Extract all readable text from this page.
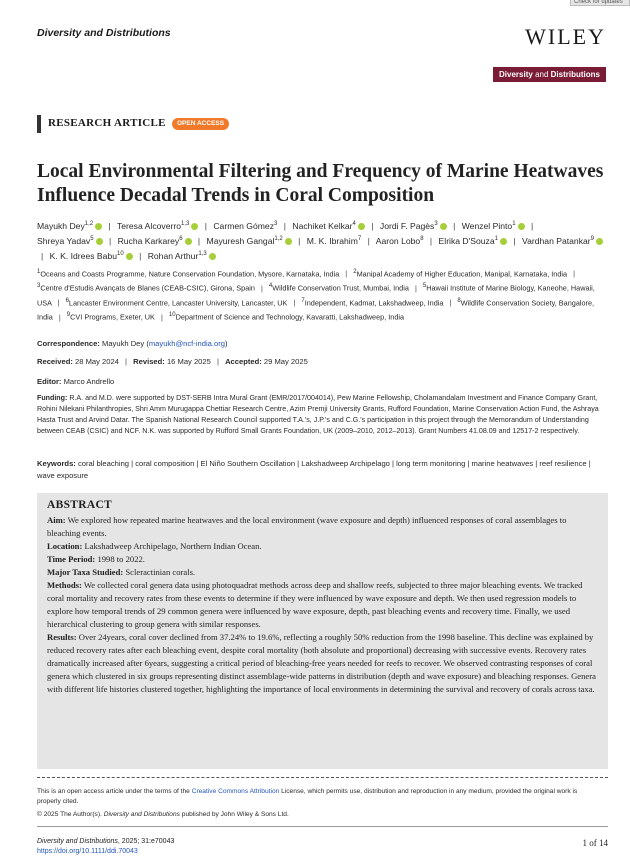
Check for updates
Diversity and Distributions	WILEY
Diversity and Distributions
RESEARCH ARTICLE	OPEN ACCESS
Local Environmental Filtering and Frequency of Marine Heatwaves Influence Decadal Trends in Coral Composition
Mayukh Dey$^{1,2}$ | Teresa Alcoverro$^{1,3}$ | Carmen Gómez$^3$ | Nachiket Kelkar$^4$ | Jordi F. Pagès$^3$ | Wenzel Pinto$^1$ | Shreya Yadav$^5$ | Rucha Karkarey$^6$ | Mayuresh Gangal$^{1,2}$ | M. K. Ibrahim$^7$ | Aaron Lobo$^8$ | Elrika D'Souza$^1$ | Vardhan Patankar$^9$ | K. K. Idrees Babu$^{10}$ | Rohan Arthur$^{1,3}$
$^1$Oceans and Coasts Programme, Nature Conservation Foundation, Mysore, Karnataka, India | $^2$Manipal Academy of Higher Education, Manipal, Karnataka, India | $^3$Centre d'Estudis Avançats de Blanes (CEAB-CSIC), Girona, Spain | $^4$Wildlife Conservation Trust, Mumbai, India | $^5$Hawaii Institute of Marine Biology, Kaneohe, Hawaii, USA | $^6$Lancaster Environment Centre, Lancaster University, Lancaster, UK | $^7$Independent, Kadmat, Lakshadweep, India | $^8$Wildlife Conservation Society, Bangalore, India | $^9$CVI Programs, Exeter, UK | $^{10}$Department of Science and Technology, Kavaratti, Lakshadweep, India
Correspondence: Mayukh Dey (mayukh@ncf-india.org)
Received: 28 May 2024 | Revised: 16 May 2025 | Accepted: 29 May 2025
Editor: Marco Andrello
Funding: R.A. and M.D. were supported by DST-SERB Intra Mural Grant (EMR/2017/004014), Pew Marine Fellowship, Cholamandalam Investment and Finance Company Grant, Rohini Nilekani Philanthropies, Shri Amm Murugappa Chettiar Research Centre, Azim Premji University Grants, Rufford Foundation, Marine Conservation Action Fund, the Ashraya Hasta Trust and Arvind Datar. The Spanish National Research Council supported T.A.'s, J.P.'s and C.G.'s participation in this project through the Memorandum of Understanding between CEAB (CSIC) and NCF. N.K. was supported by Rufford Small Grants Foundation, UK (2009–2010, 2012–2013). Grant Numbers 41.08.09 and 12517-2 respectively.
Keywords: coral bleaching | coral composition | El Niño Southern Oscillation | Lakshadweep Archipelago | long term monitoring | marine heatwaves | reef resilience | wave exposure
ABSTRACT

Aim: We explored how repeated marine heatwaves and the local environment (wave exposure and depth) influenced responses of coral assemblages to bleaching events.

Location: Lakshadweep Archipelago, Northern Indian Ocean.

Time Period: 1998 to 2022.

Major Taxa Studied: Scleractinian corals.

Methods: We collected coral genera data using photoquadrat methods across deep and shallow reefs, subjected to three major bleaching events. We tracked coral mortality and recovery rates from these events to determine if they were influenced by wave exposure and depth. We then used regression models to explore how temporal trends of 29 common genera were influenced by wave exposure, depth, past bleaching events and recovery time. Finally, we used hierarchical clustering to group genera with similar responses.

Results: Over 24years, coral cover declined from 37.24% to 19.6%, reflecting a roughly 50% reduction from the 1998 baseline. This decline was explained by reduced recovery rates after each bleaching event, despite coral mortality (both absolute and proportional) decreasing with successive events. Recovery rates dramatically increased after 6years, suggesting a critical period of bleaching-free years needed for reefs to recover. We observed contrasting responses of coral genera which clustered in six groups representing distinct assemblage-wide patterns in distribution (depth and wave exposure) and bleaching responses. Genera with different life histories clustered together, highlighting the importance of local environments in determining the survival and recovery of corals across taxa.

This is an open access article under the terms of the Creative Commons Attribution License, which permits use, distribution and reproduction in any medium, provided the original work is properly cited.
© 2025 The Author(s). Diversity and Distributions published by John Wiley & Sons Ltd.
Diversity and Distributions, 2025; 31:e70043
https://doi.org/10.1111/ddi.70043
1 of 14
